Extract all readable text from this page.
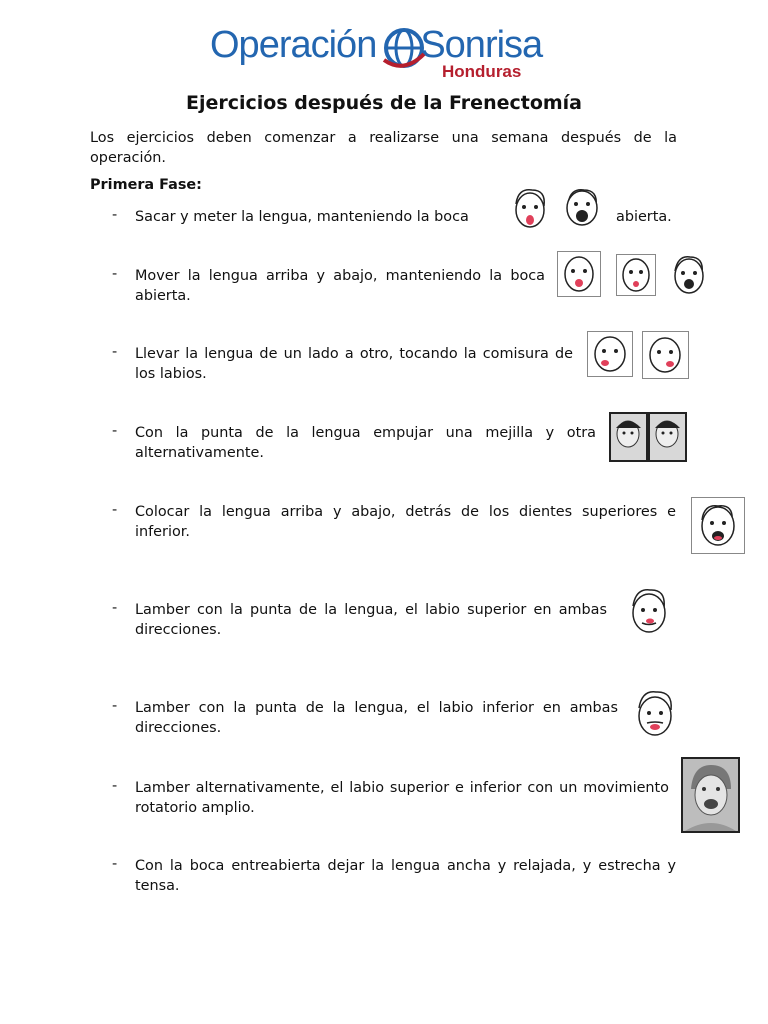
Operación Sonrisa
Honduras
Ejercicios después de la Frenectomía
Los ejercicios deben comenzar a realizarse una semana después de la operación.
Primera Fase:
- Sacar y meter la lengua, manteniendo la boca	abierta.
- Mover la lengua arriba y abajo, manteniendo la boca abierta.
- Llevar la lengua de un lado a otro, tocando la comisura de los labios.
- Con la punta de la lengua empujar una mejilla y otra alternativamente.
- Colocar la lengua arriba y abajo, detrás de los dientes superiores e inferior.
- Lamber con la punta de la lengua, el labio superior en ambas direcciones.
- Lamber con la punta de la lengua, el labio inferior en ambas direcciones.
- Lamber alternativamente, el labio superior e inferior con un movimiento rotatorio amplio.
- Con la boca entreabierta dejar la lengua ancha y relajada, y estrecha y tensa.
